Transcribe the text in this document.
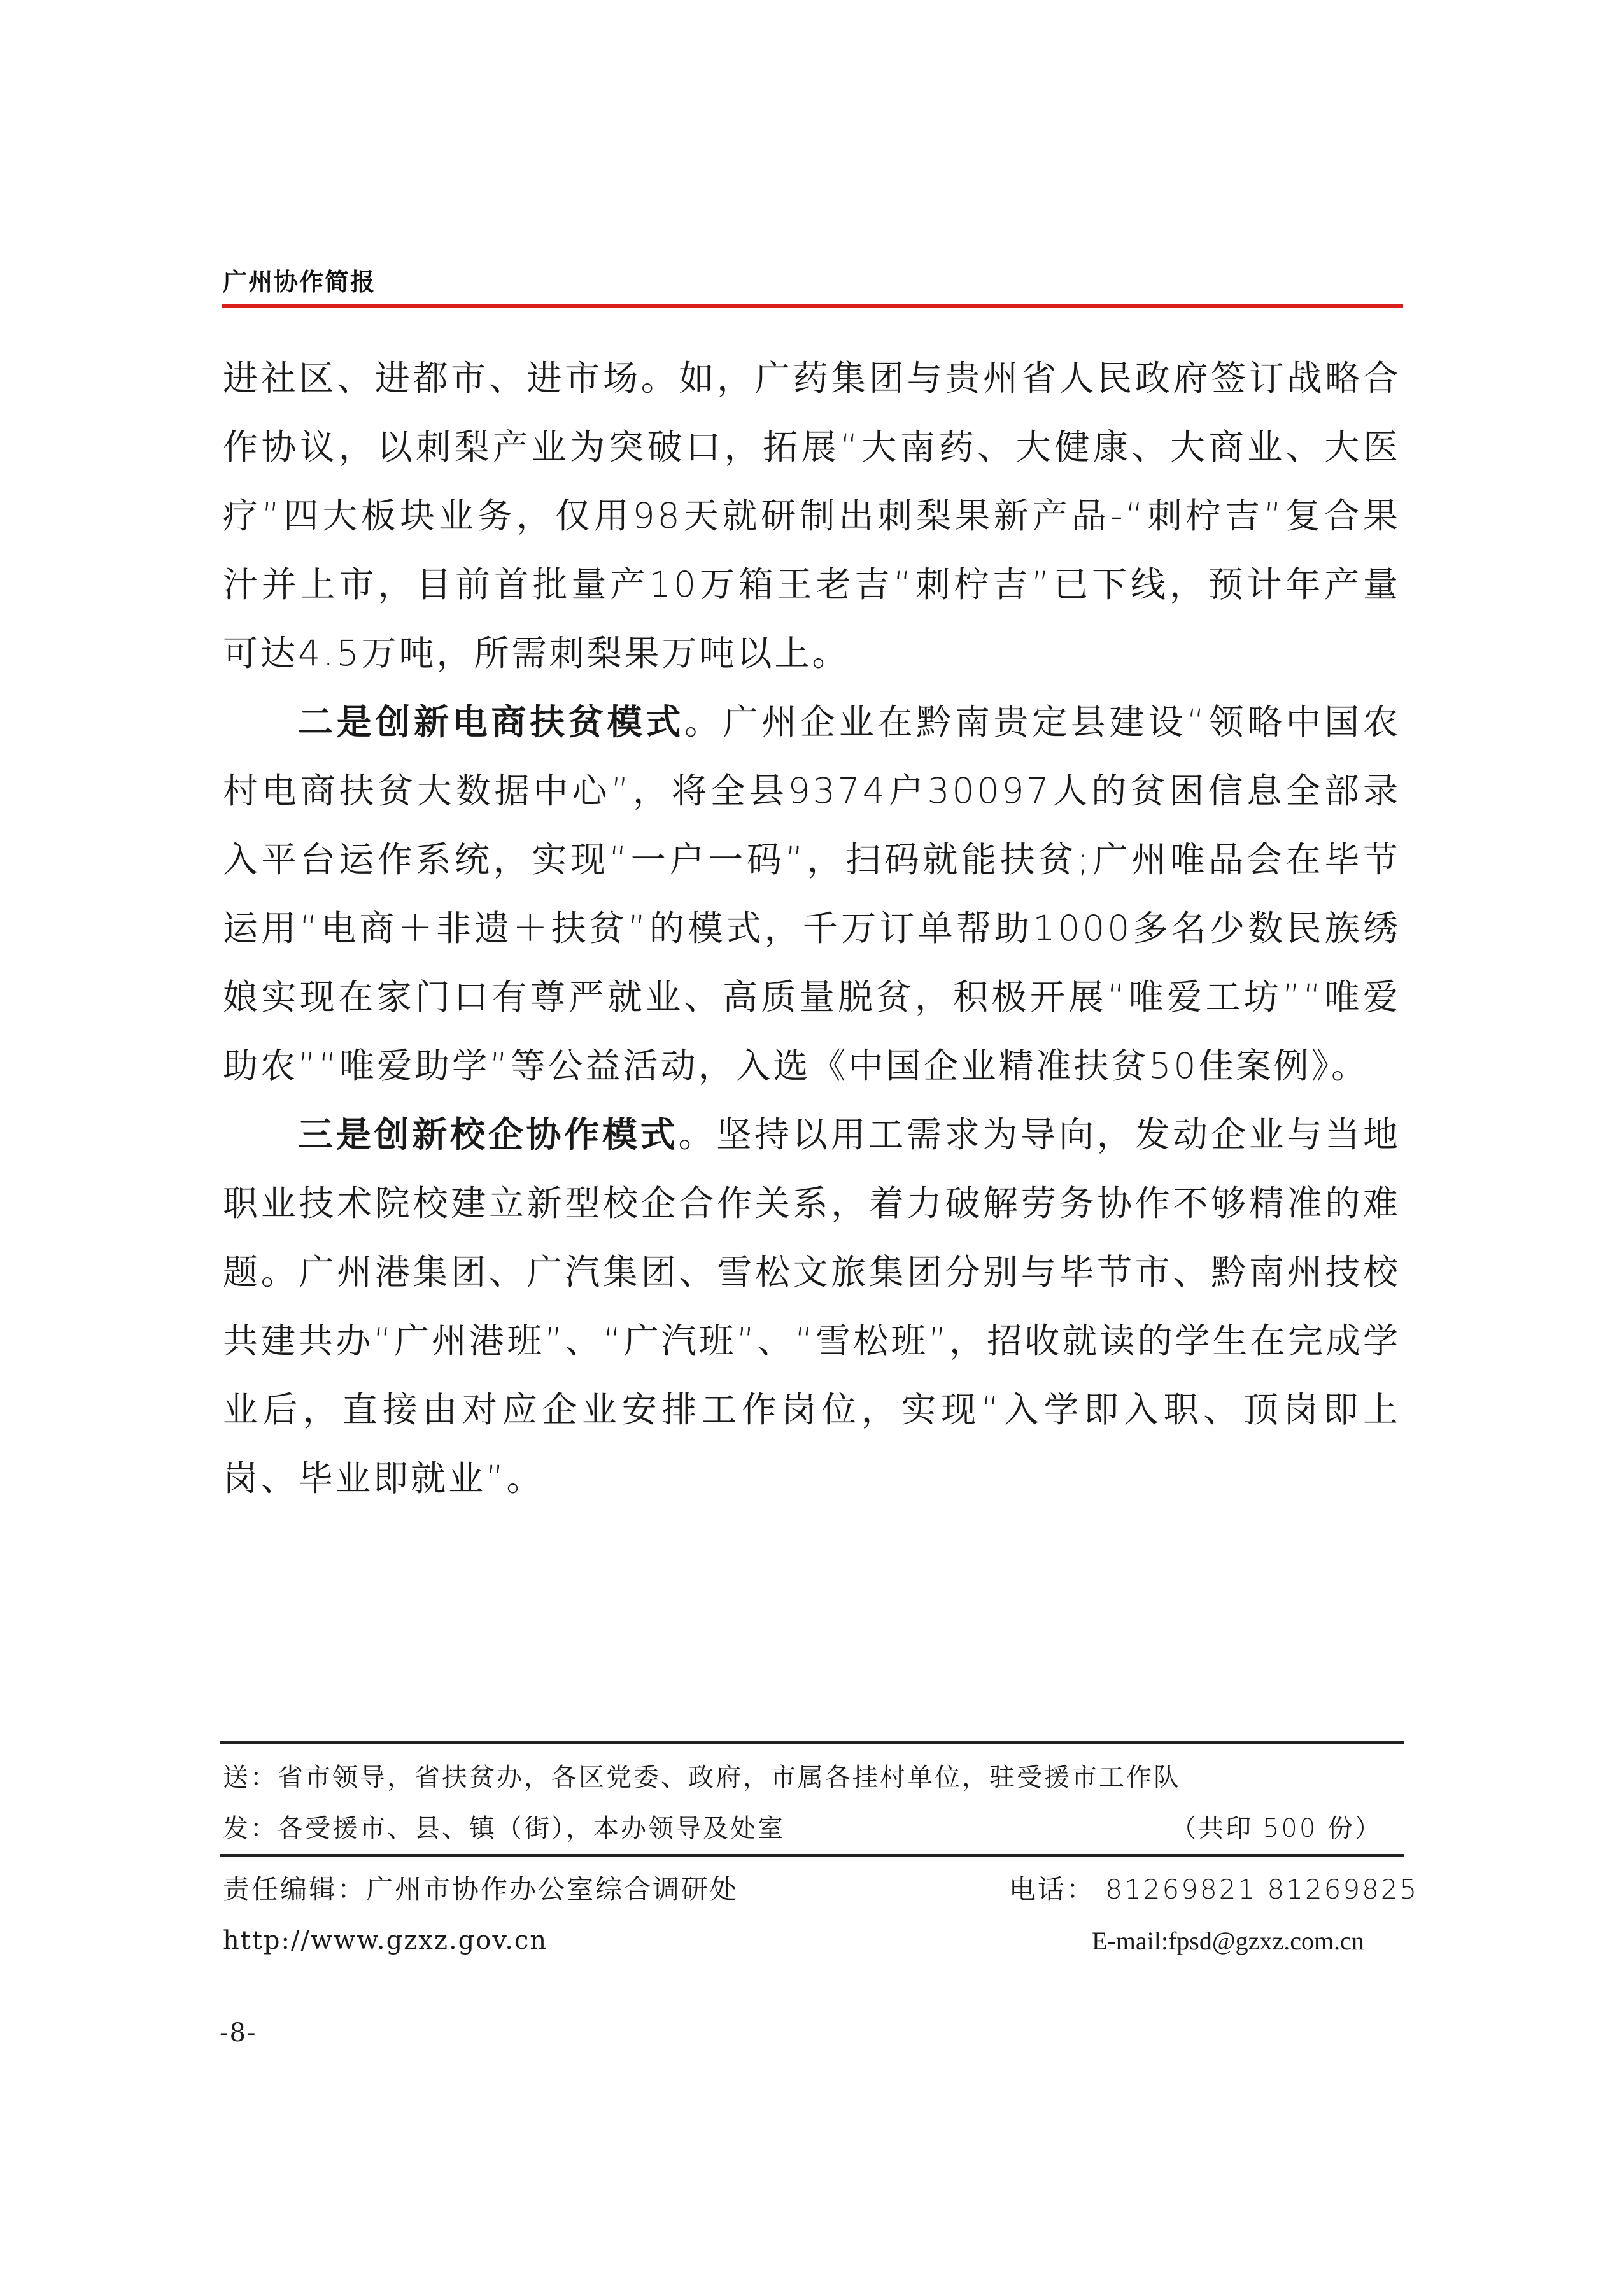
广州协作简报

进社区、进都市、进市场。如，广药集团与贵州省人民政府签订战略合作协议，以刺梨产业为突破口，拓展“大南药、大健康、大商业、大医疗”四大板块业务，仅用98天就研制出刺梨果新产品-“刺柠吉”复合果汁并上市，目前首批量产10万箱王老吉“刺柠吉”已下线，预计年产量可达4.5万吨，所需刺梨果万吨以上。

二是创新电商扶贫模式。广州企业在黔南贵定县建设“领略中国农村电商扶贫大数据中心”，将全县9374户30097人的贫困信息全部录入平台运作系统，实现“一户一码”，扫码就能扶贫;广州唯品会在毕节运用“电商＋非遗＋扶贫”的模式，千万订单帮助1000多名少数民族绣娘实现在家门口有尊严就业、高质量脱贫，积极开展“唯爱工坊”“唯爱助农”“唯爱助学”等公益活动，入选《中国企业精准扶贫50佳案例》。

三是创新校企协作模式。坚持以用工需求为导向，发动企业与当地职业技术院校建立新型校企合作关系，着力破解劳务协作不够精准的难题。广州港集团、广汽集团、雪松文旅集团分别与毕节市、黔南州技校共建共办“广州港班”、“广汽班”、“雪松班”，招收就读的学生在完成学业后，直接由对应企业安排工作岗位，实现“入学即入职、顶岗即上岗、毕业即就业”。

送：省市领导，省扶贫办，各区党委、政府，市属各挂村单位，驻受援市工作队
发：各受援市、县、镇（街），本办领导及处室	（共印 500 份）
责任编辑：广州市协作办公室综合调研处	电话： 81269821 81269825
http://www.gzxz.gov.cn	E-mail:fpsd@gzxz.com.cn
-8-
